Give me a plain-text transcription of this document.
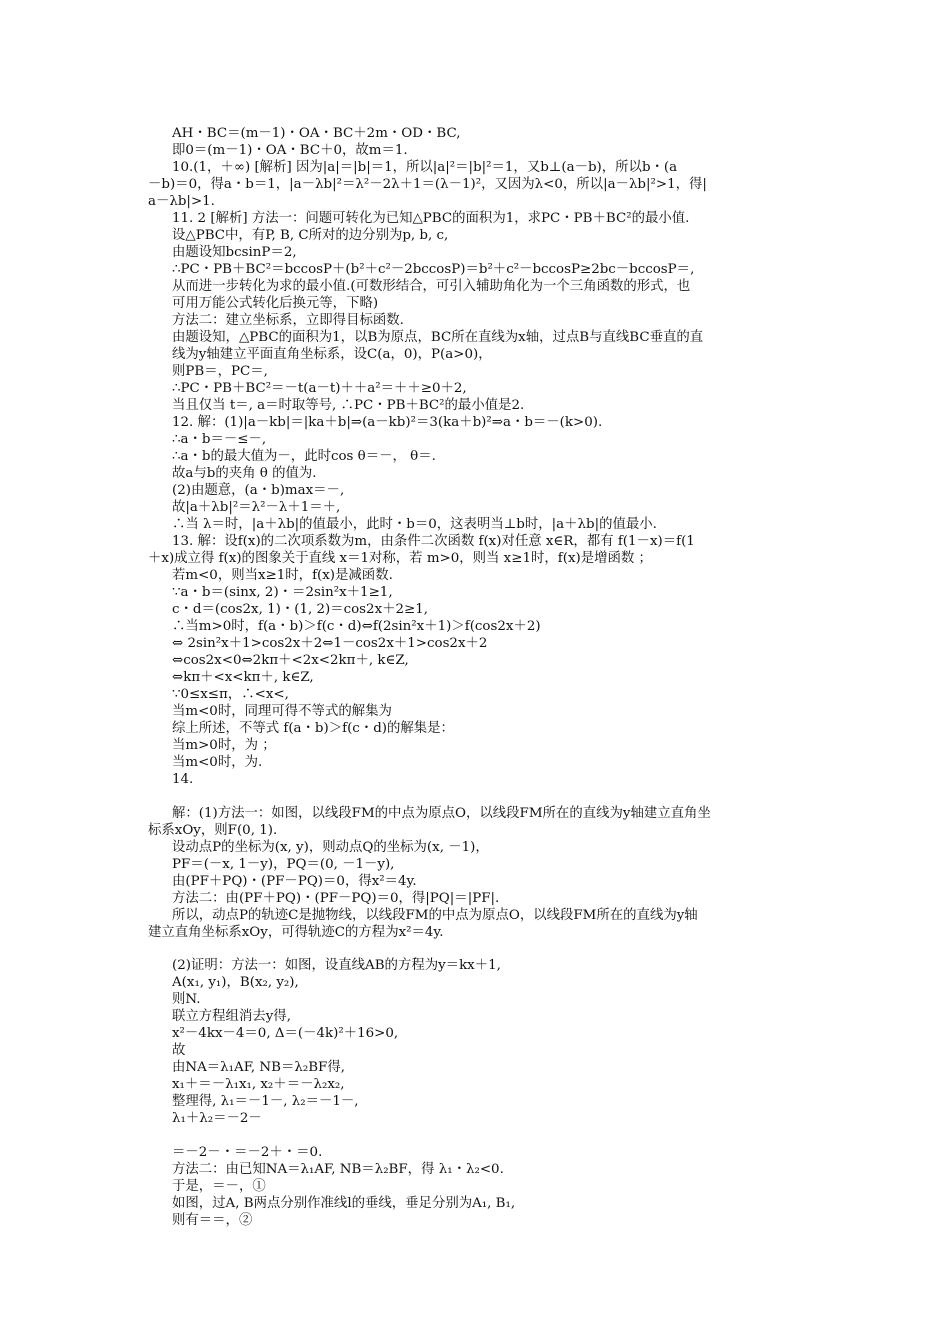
AH・BC＝(m－1)・OA・BC＋2m・OD・BC,
即0＝(m－1)・OA・BC＋0，故m＝1.
10.(1，＋∞) [解析] 因为|a|＝|b|＝1，所以|a|²＝|b|²＝1，又b⊥(a－b)，所以b・(a
－b)＝0，得a・b＝1，|a－λb|²＝λ²－2λ＋1＝(λ－1)²，又因为λ<0，所以|a－λb|²>1，得|
a－λb|>1.
11. 2 [解析] 方法一：问题可转化为已知△PBC的面积为1，求PC・PB＋BC²的最小值.
设△PBC中，有P, B, C所对的边分别为p, b, c,
由题设知bcsinP＝2,
∴PC・PB＋BC²＝bccosP＋(b²＋c²－2bccosP)＝b²＋c²－bccosP≥2bc－bccosP＝,
从而进一步转化为求的最小值.(可数形结合，可引入辅助角化为一个三角函数的形式，也
可用万能公式转化后换元等，下略)
方法二：建立坐标系，立即得目标函数.
由题设知，△PBC的面积为1，以B为原点，BC所在直线为x轴，过点B与直线BC垂直的直
线为y轴建立平面直角坐标系，设C(a，0)，P(a>0)，
则PB＝，PC＝,
∴PC・PB＋BC²＝－t(a－t)＋＋a²＝＋＋≥0＋2,
当且仅当 t＝, a＝时取等号, ∴PC・PB＋BC²的最小值是2.
12. 解：(1)|a－kb|＝|ka＋b|⇒(a－kb)²＝3(ka＋b)²⇒a・b＝－(k>0).
∴a・b＝－≤－,
∴a・b的最大值为－，此时cos θ＝－， θ＝.
故a与b的夹角 θ 的值为.
(2)由题意，(a・b)max＝－,
故|a＋λb|²＝λ²－λ＋1＝＋,
∴当 λ＝时，|a＋λb|的值最小，此时・b＝0，这表明当⊥b时，|a＋λb|的值最小.
13. 解：设f(x)的二次项系数为m，由条件二次函数 f(x)对任意 x∈R，都有 f(1－x)＝f(1
＋x)成立得 f(x)的图象关于直线 x＝1对称，若 m>0，则当 x≥1时，f(x)是增函数 ；
若m<0，则当x≥1时，f(x)是减函数.
∵a・b＝(sinx, 2)・＝2sin²x＋1≥1,
c・d＝(cos2x, 1)・(1, 2)＝cos2x＋2≥1,
∴当m>0时，f(a・b)＞f(c・d)⇔f(2sin²x＋1)＞f(cos2x＋2)
⇔ 2sin²x＋1>cos2x＋2⇔1－cos2x＋1>cos2x＋2
⇔cos2x<0⇔2kπ＋<2x<2kπ＋, k∈Z,
⇔kπ＋<x<kπ＋, k∈Z,
∵0≤x≤π，∴<x<,
当m<0时，同理可得不等式的解集为
综上所述，不等式 f(a・b)＞f(c・d)的解集是：
当m>0时，为 ；
当m<0时，为.
14.
解：(1)方法一：如图，以线段FM的中点为原点O，以线段FM所在的直线为y轴建立直角坐
标系xOy，则F(0, 1).
设动点P的坐标为(x, y)，则动点Q的坐标为(x, －1)，
PF＝(－x, 1－y)，PQ＝(0, －1－y),
由(PF＋PQ)・(PF－PQ)＝0，得x²＝4y.
方法二：由(PF＋PQ)・(PF－PQ)＝0，得|PQ|＝|PF|.
所以，动点P的轨迹C是抛物线，以线段FM的中点为原点O，以线段FM所在的直线为y轴
建立直角坐标系xOy，可得轨迹C的方程为x²＝4y.
(2)证明：方法一：如图，设直线AB的方程为y＝kx＋1,
A(x₁, y₁)，B(x₂, y₂),
则N.
联立方程组消去y得,
x²－4kx－4＝0, Δ＝(－4k)²＋16>0,
故
由NA＝λ₁AF, NB＝λ₂BF得,
x₁＋＝－λ₁x₁, x₂＋＝－λ₂x₂,
整理得, λ₁＝－1－, λ₂＝－1－,
λ₁＋λ₂＝－2－
＝－2－・＝－2＋・＝0.
方法二：由已知NA＝λ₁AF, NB＝λ₂BF，得 λ₁・λ₂<0.
于是，＝－，①
如图，过A, B两点分别作准线l的垂线，垂足分别为A₁, B₁,
则有＝＝，②
